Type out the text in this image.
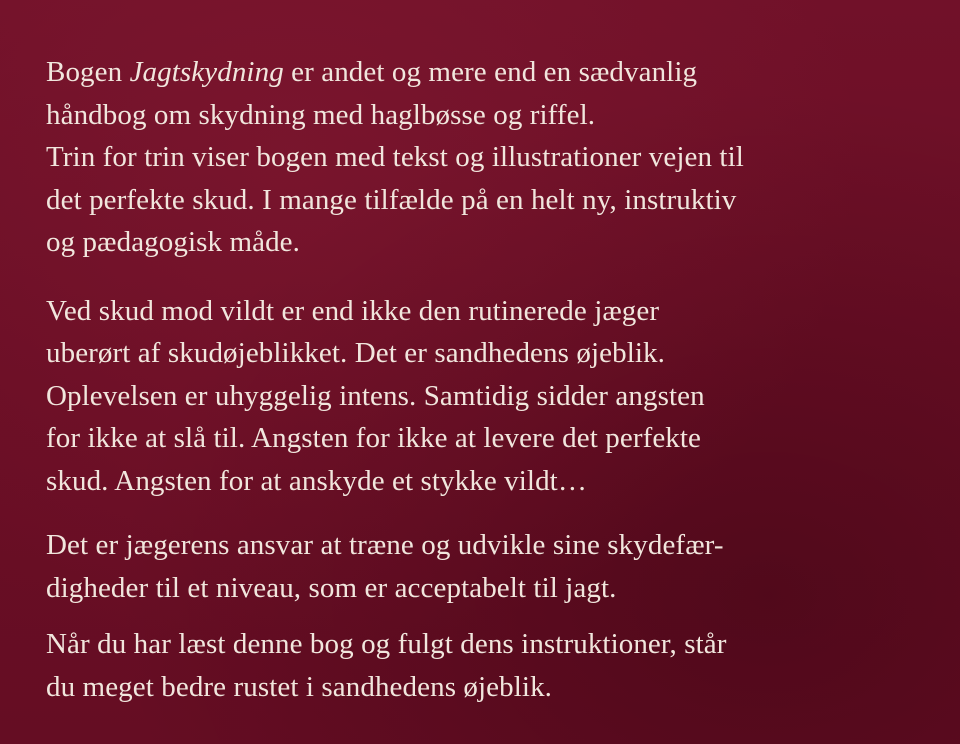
Bogen Jagtskydning er andet og mere end en sædvanlig
håndbog om skydning med haglbøsse og riffel.
Trin for trin viser bogen med tekst og illustrationer vejen til
det perfekte skud. I mange tilfælde på en helt ny, instruktiv
og pædagogisk måde.

Ved skud mod vildt er end ikke den rutinerede jæger
uberørt af skudøjeblikket. Det er sandhedens øjeblik.
Oplevelsen er uhyggelig intens. Samtidig sidder angsten
for ikke at slå til. Angsten for ikke at levere det perfekte
skud. Angsten for at anskyde et stykke vildt…

Det er jægerens ansvar at træne og udvikle sine skydefær-
digheder til et niveau, som er acceptabelt til jagt.

Når du har læst denne bog og fulgt dens instruktioner, står
du meget bedre rustet i sandhedens øjeblik.
